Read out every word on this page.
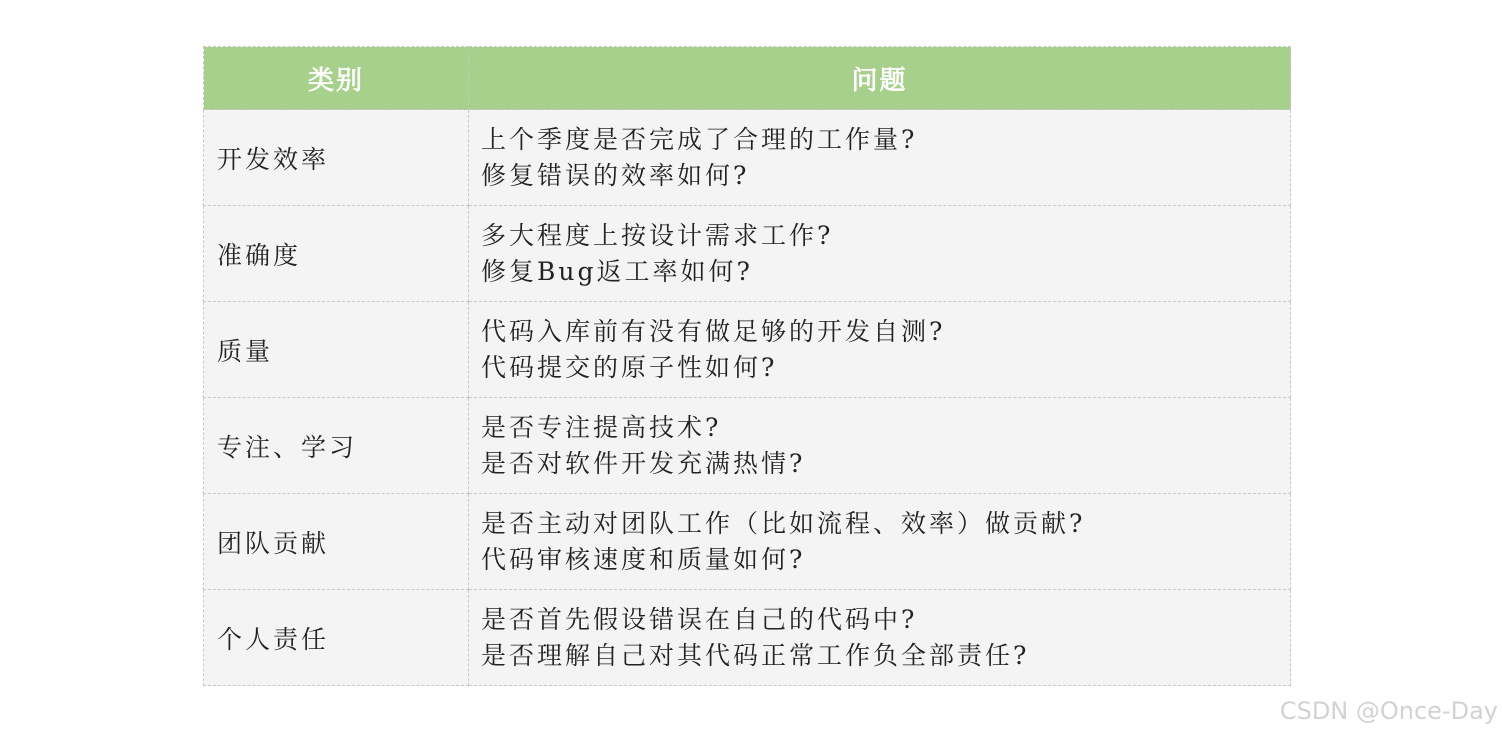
类别	问题
开发效率	上个季度是否完成了合理的工作量?
修复错误的效率如何?

准确度	多大程度上按设计需求工作?
修复Bug返工率如何?

质量	代码入库前有没有做足够的开发自测?
代码提交的原子性如何?

专注、学习	是否专注提高技术?
是否对软件开发充满热情?

团队贡献	是否主动对团队工作（比如流程、效率）做贡献?
代码审核速度和质量如何?

个人责任	是否首先假设错误在自己的代码中?
是否理解自己对其代码正常工作负全部责任?
CSDN @Once-Day
